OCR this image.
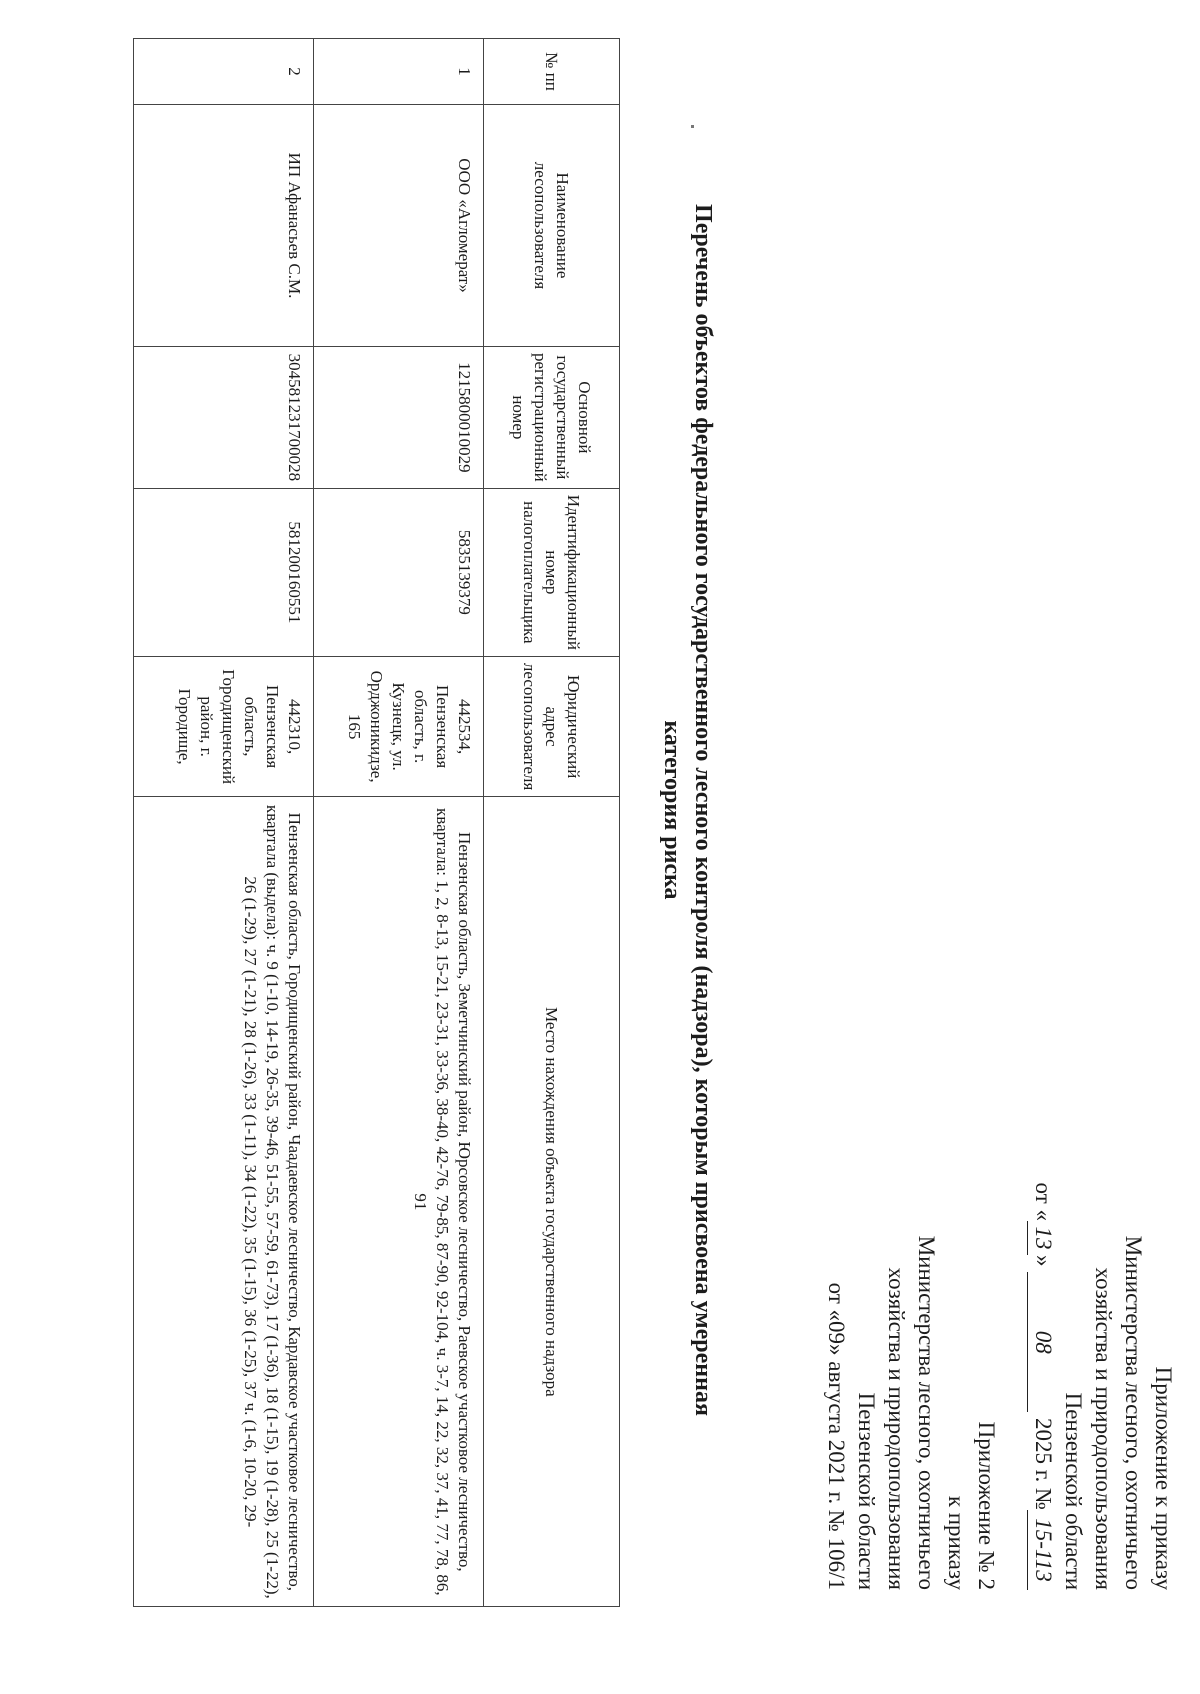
Приложение к приказу
Министерства лесного, охотничьего
хозяйства и природопользования
Пензенской области
от «13» 08 2025 г. №15-113
Приложение № 2
к приказу
Министерства лесного, охотничьего
хозяйства и природопользования
Пензенской области
от «09» августа 2021 г. № 106/1
Перечень объектов федерального государственного лесного контроля (надзора), которым присвоена умеренная
категория риска
№ пп	Наименование лесопользователя	Основной государственный регистрационный номер	Идентификационный номер налогоплательщика	Юридический адрес лесопользователя	Место нахождения объекта государственного надзора
1	ООО «Агломерат»	1215800010029	5835139379	442534, Пензенская область, г. Кузнецк, ул. Орджоникидзе, 165	Пензенская область, Земетчинский район, Юрсовское лесничество, Раевское участковое лесничество, квартала: 1, 2, 8-13, 15-21, 23-31, 33-36, 38-40, 42-76, 79-85, 87-90, 92-104, ч. 3-7, 14, 22, 32, 37, 41, 77, 78, 86, 91
2	ИП Афанасьев С.М.	304581231700028	581200160551	442310, Пензенская область, Городищенский район, г. Городище,	Пензенская область, Городищенский район, Чаадаевское лесничество, Кардавское участковое лесничество, квартала (выдела): ч. 9 (1-10, 14-19, 26-35, 39-46, 51-55, 57-59, 61-73), 17 (1-36), 18 (1-15), 19 (1-28), 25 (1-22), 26 (1-29), 27 (1-21), 28 (1-26), 33 (1-11), 34 (1-22), 35 (1-15), 36 (1-25), 37 ч. (1-6, 10-20, 29-
